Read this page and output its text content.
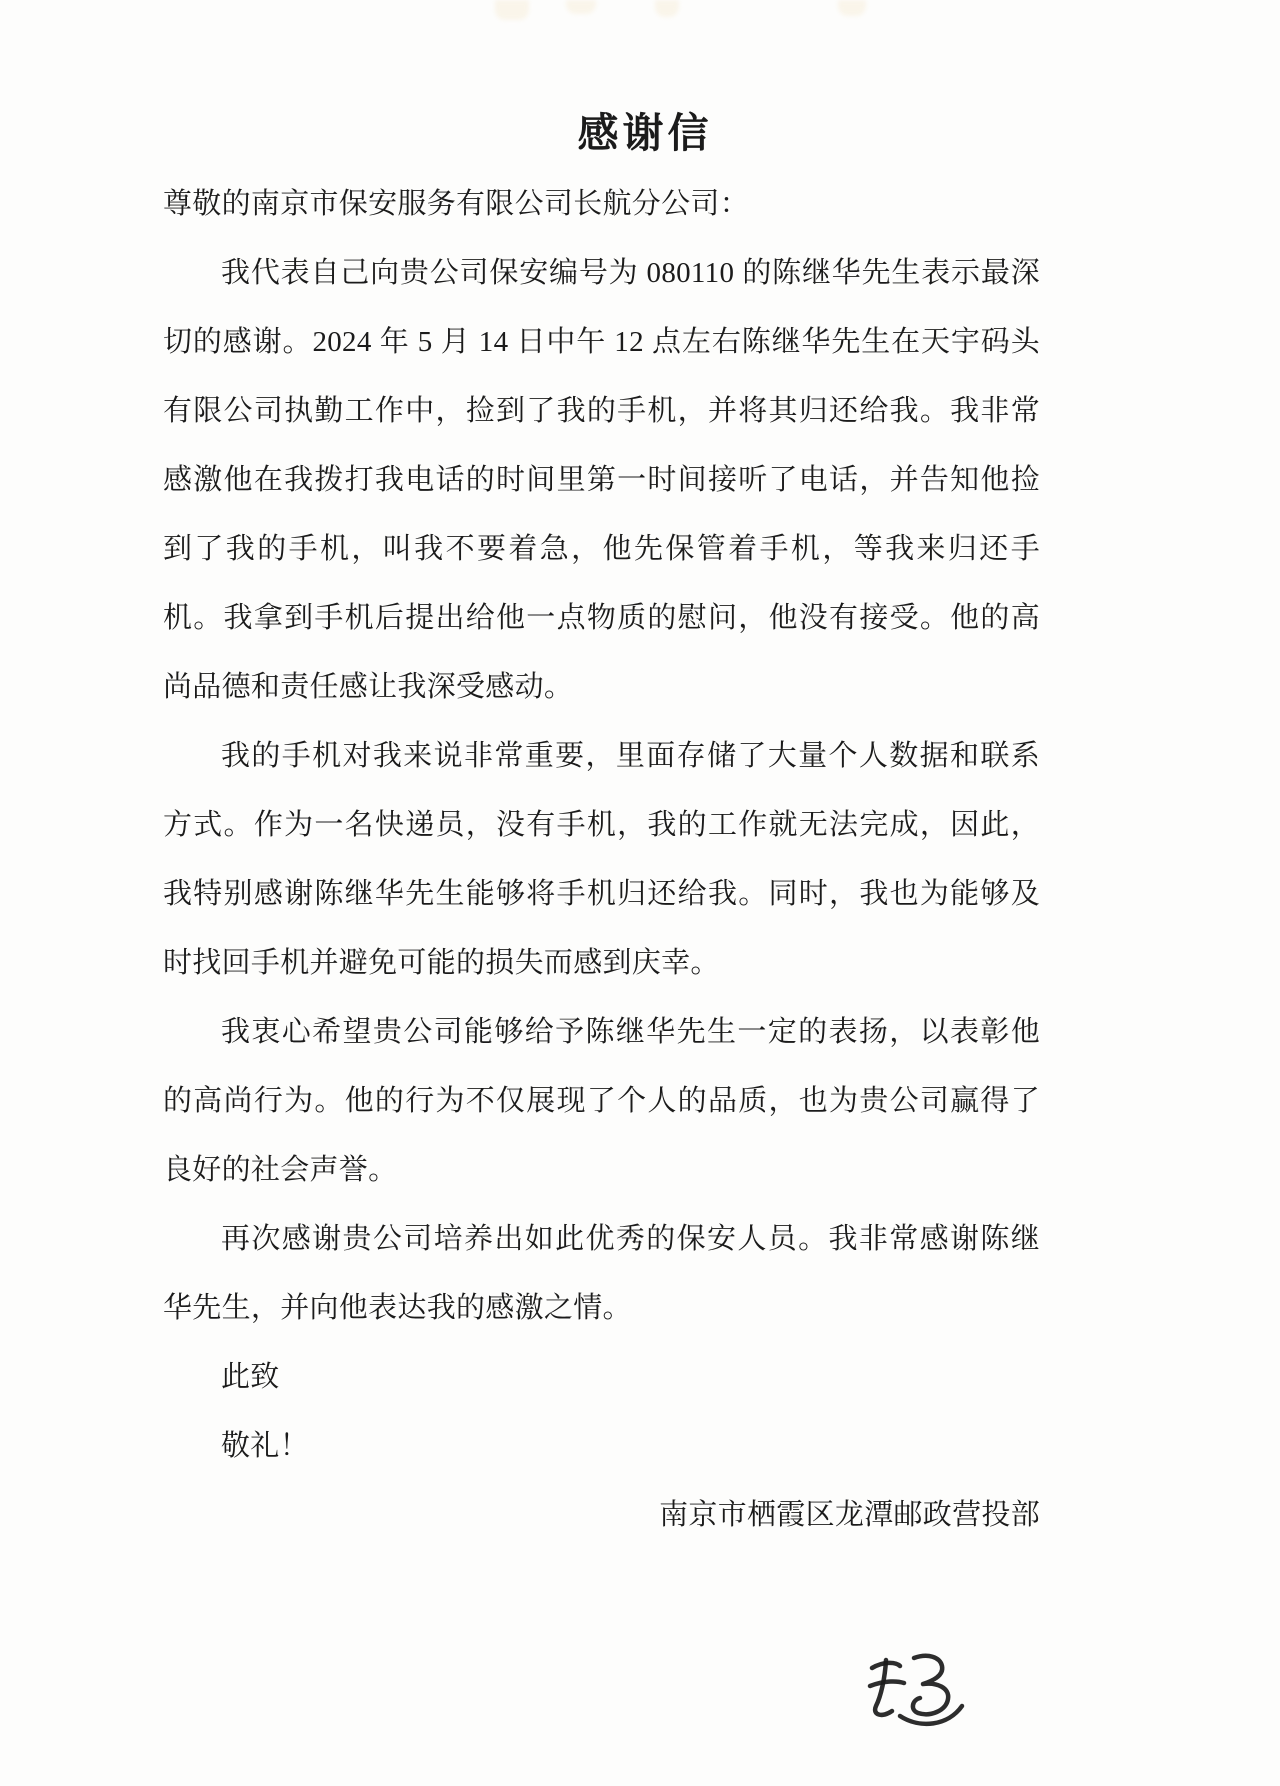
感谢信

尊敬的南京市保安服务有限公司长航分公司：

我代表自己向贵公司保安编号为 080110 的陈继华先生表示最深切的感谢。2024 年 5 月 14 日中午 12 点左右陈继华先生在天宇码头有限公司执勤工作中，捡到了我的手机，并将其归还给我。我非常感激他在我拨打我电话的时间里第一时间接听了电话，并告知他捡到了我的手机，叫我不要着急，他先保管着手机，等我来归还手机。我拿到手机后提出给他一点物质的慰问，他没有接受。他的高尚品德和责任感让我深受感动。

我的手机对我来说非常重要，里面存储了大量个人数据和联系方式。作为一名快递员，没有手机，我的工作就无法完成，因此，我特别感谢陈继华先生能够将手机归还给我。同时，我也为能够及时找回手机并避免可能的损失而感到庆幸。

我衷心希望贵公司能够给予陈继华先生一定的表扬，以表彰他的高尚行为。他的行为不仅展现了个人的品质，也为贵公司赢得了良好的社会声誉。

再次感谢贵公司培养出如此优秀的保安人员。我非常感谢陈继华先生，并向他表达我的感激之情。

此致

敬礼！

南京市栖霞区龙潭邮政营投部
